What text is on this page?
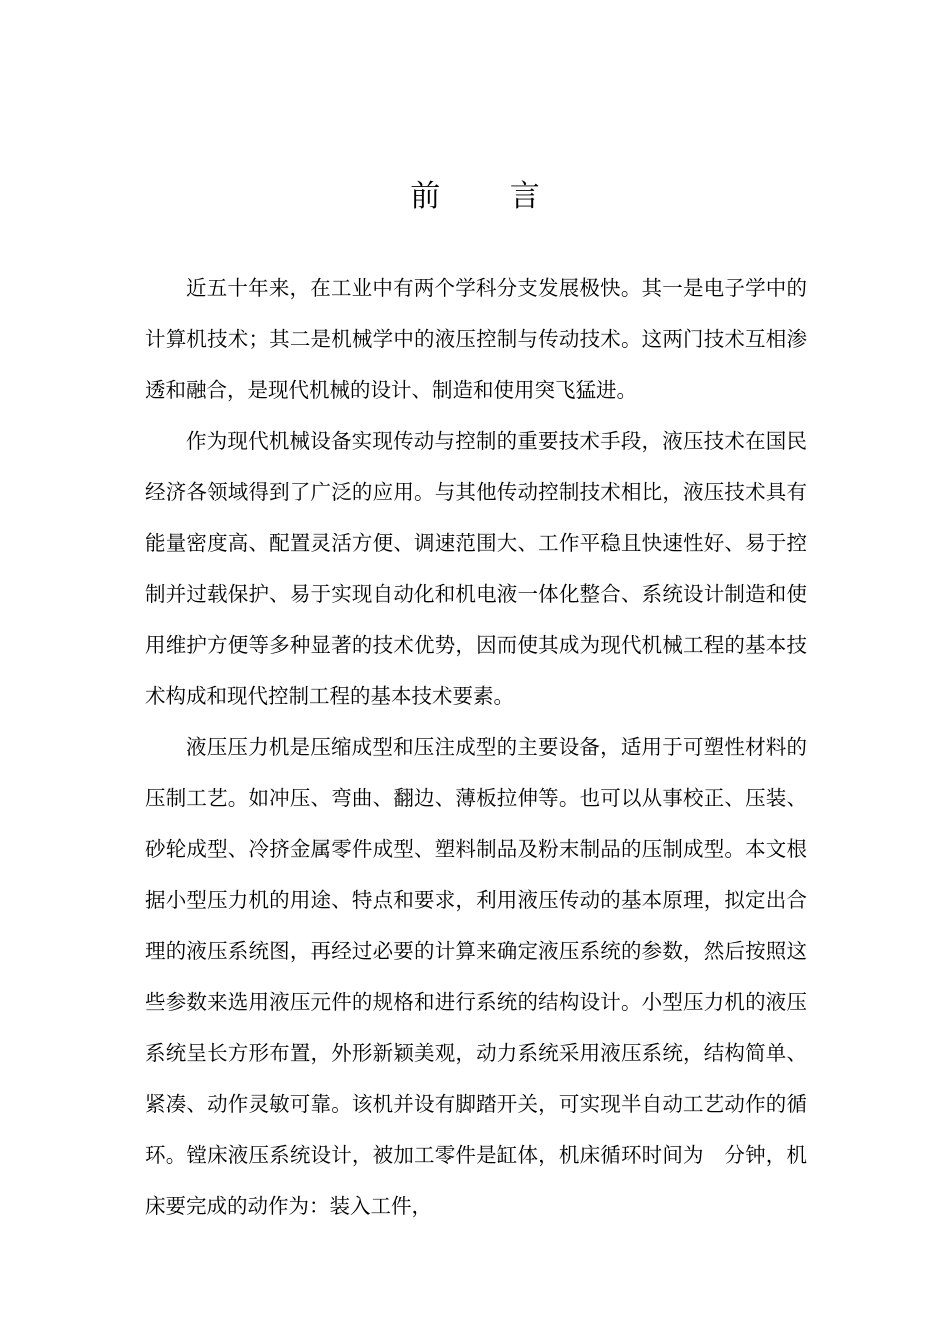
前 言

近五十年来，在工业中有两个学科分支发展极快。其一是电子学中的计算机技术；其二是机械学中的液压控制与传动技术。这两门技术互相渗透和融合，是现代机械的设计、制造和使用突飞猛进。

作为现代机械设备实现传动与控制的重要技术手段，液压技术在国民经济各领域得到了广泛的应用。与其他传动控制技术相比，液压技术具有能量密度高、配置灵活方便、调速范围大、工作平稳且快速性好、易于控制并过载保护、易于实现自动化和机电液一体化整合、系统设计制造和使用维护方便等多种显著的技术优势，因而使其成为现代机械工程的基本技术构成和现代控制工程的基本技术要素。

液压压力机是压缩成型和压注成型的主要设备，适用于可塑性材料的压制工艺。如冲压、弯曲、翻边、薄板拉伸等。也可以从事校正、压装、砂轮成型、冷挤金属零件成型、塑料制品及粉末制品的压制成型。本文根据小型压力机的用途、特点和要求，利用液压传动的基本原理，拟定出合理的液压系统图，再经过必要的计算来确定液压系统的参数，然后按照这些参数来选用液压元件的规格和进行系统的结构设计。小型压力机的液压系统呈长方形布置，外形新颖美观，动力系统采用液压系统，结构简单、紧凑、动作灵敏可靠。该机并设有脚踏开关，可实现半自动工艺动作的循环。镗床液压系统设计，被加工零件是缸体，机床循环时间为　分钟，机床要完成的动作为：装入工件，
